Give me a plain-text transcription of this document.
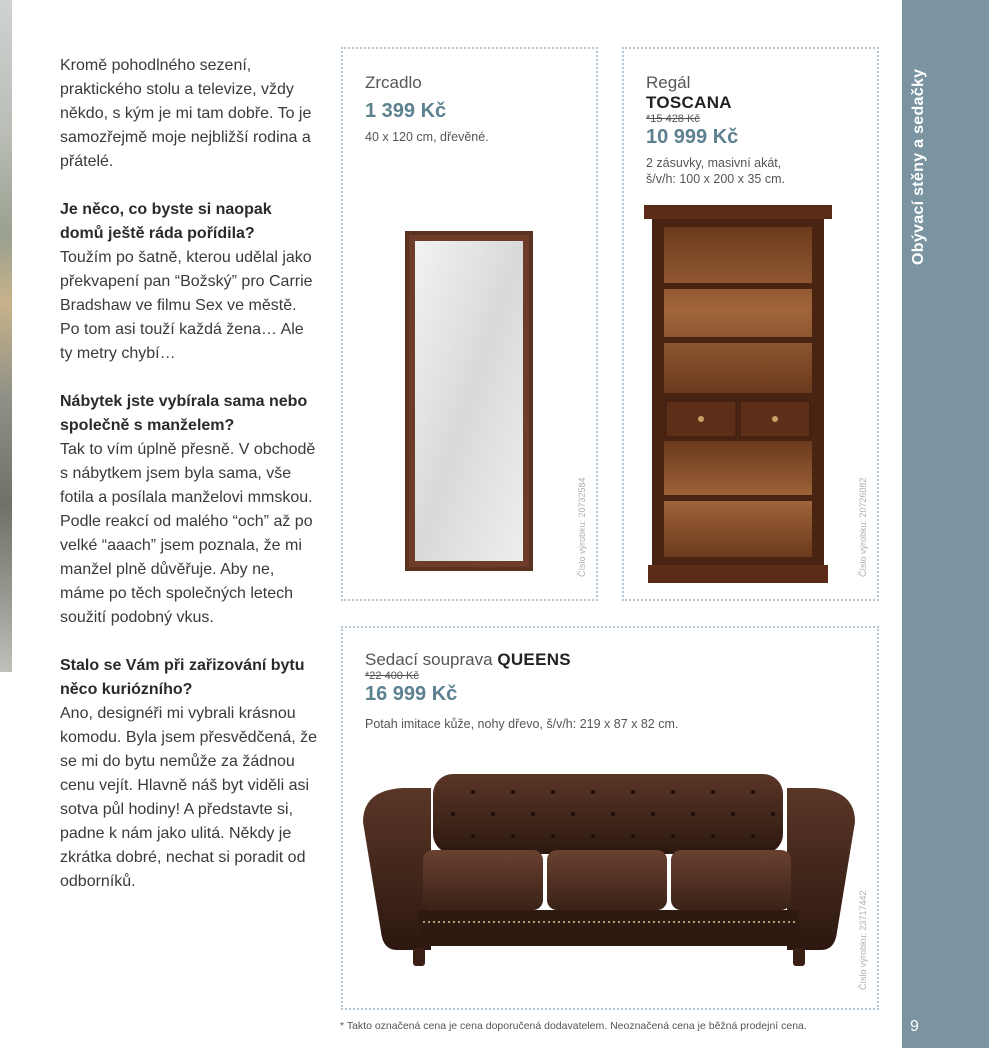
Kromě pohodlného sezení, praktického stolu a televize, vždy někdo, s kým je mi tam dobře. To je samozřejmě moje nejbližší rodina a přátelé.

Je něco, co byste si naopak domů ještě ráda pořídila?
Toužím po šatně, kterou udělal jako překvapení pan “Božský” pro Carrie Bradshaw ve filmu Sex ve městě. Po tom asi touží každá žena… Ale ty metry chybí…

Nábytek jste vybírala sama nebo společně s manželem?
Tak to vím úplně přesně. V obchodě s nábytkem jsem byla sama, vše fotila a posílala manželovi mmskou. Podle reakcí od malého “och” až po velké “aaach” jsem poznala, že mi manžel plně důvěřuje. Aby ne, máme po těch společných letech soužití podobný vkus.

Stalo se Vám při zařizování bytu něco kuriózního?
Ano, designéři mi vybrali krásnou komodu. Byla jsem přesvědčená, že se mi do bytu nemůže za žádnou cenu vejít. Hlavně náš byt viděli asi sotva půl hodiny! A představte si, padne k nám jako ulitá. Někdy je zkrátka dobré, nechat si poradit od odborníků.

Zrcadlo
1 399 Kč
40 x 120 cm, dřevěné.
Číslo výrobku: 20732584
Regál
TOSCANA
*15 428 Kč
10 999 Kč
2 zásuvky, masivní akát,
š/v/h: 100 x 200 x 35 cm.
Číslo výrobku: 20726082
Sedací souprava QUEENS
*22 400 Kč
16 999 Kč
Potah imitace kůže, nohy dřevo, š/v/h: 219 x 87 x 82 cm.
Číslo výrobku: 23717442
* Takto označená cena je cena doporučená dodavatelem. Neoznačená cena je běžná prodejní cena.
Obývací stěny a sedačky
9
